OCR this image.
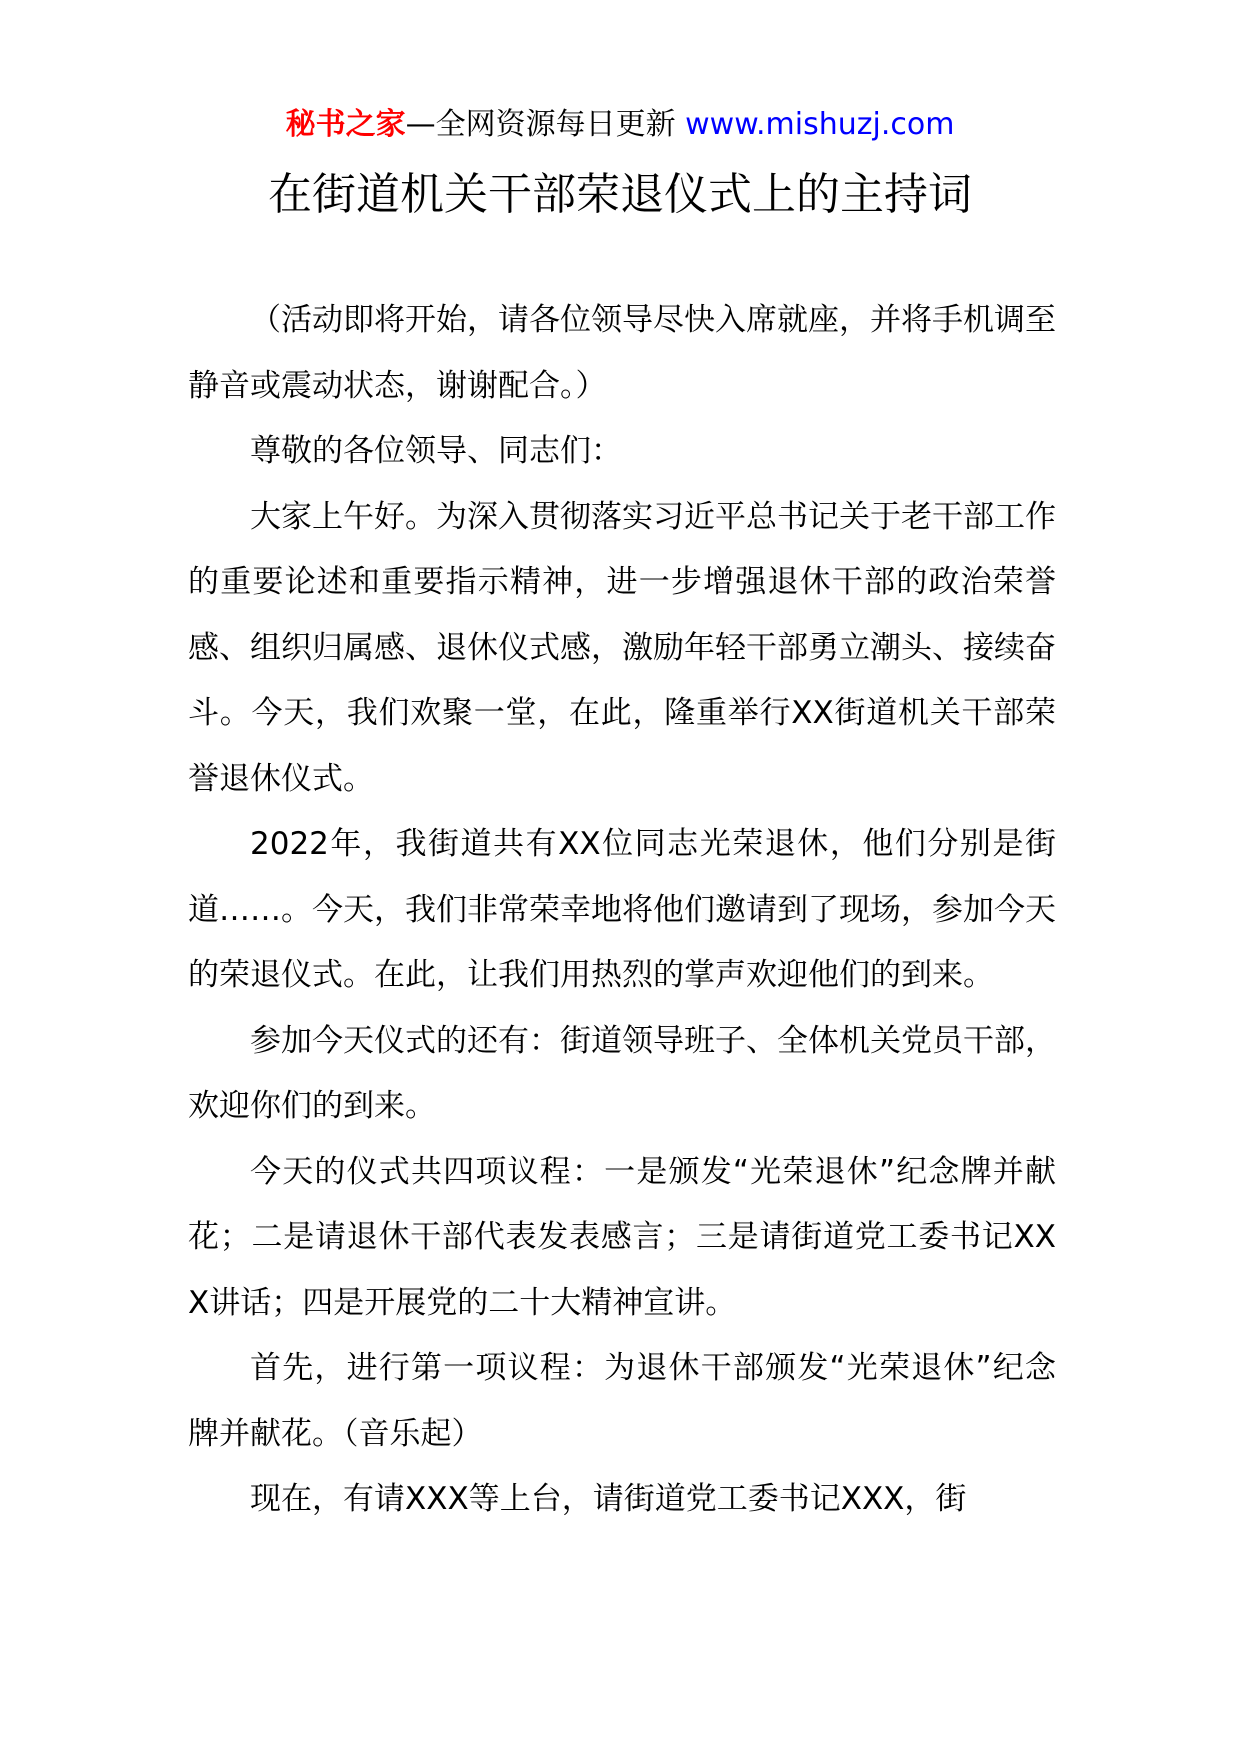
秘书之家—全网资源每日更新 www.mishuzj.com
在街道机关干部荣退仪式上的主持词

（活动即将开始，请各位领导尽快入席就座，并将手机调至静音或震动状态，谢谢配合。）

尊敬的各位领导、同志们：

大家上午好。为深入贯彻落实习近平总书记关于老干部工作的重要论述和重要指示精神，进一步增强退休干部的政治荣誉感、组织归属感、退休仪式感，激励年轻干部勇立潮头、接续奋斗。今天，我们欢聚一堂，在此，隆重举行XX街道机关干部荣誉退休仪式。

2022年，我街道共有XX位同志光荣退休，他们分别是街道……。今天，我们非常荣幸地将他们邀请到了现场，参加今天的荣退仪式。在此，让我们用热烈的掌声欢迎他们的到来。

参加今天仪式的还有：街道领导班子、全体机关党员干部，欢迎你们的到来。

今天的仪式共四项议程：一是颁发“光荣退休”纪念牌并献花；二是请退休干部代表发表感言；三是请街道党工委书记XXX讲话；四是开展党的二十大精神宣讲。

首先，进行第一项议程：为退休干部颁发“光荣退休”纪念牌并献花。（音乐起）

现在，有请XXX等上台，请街道党工委书记XXX，街
